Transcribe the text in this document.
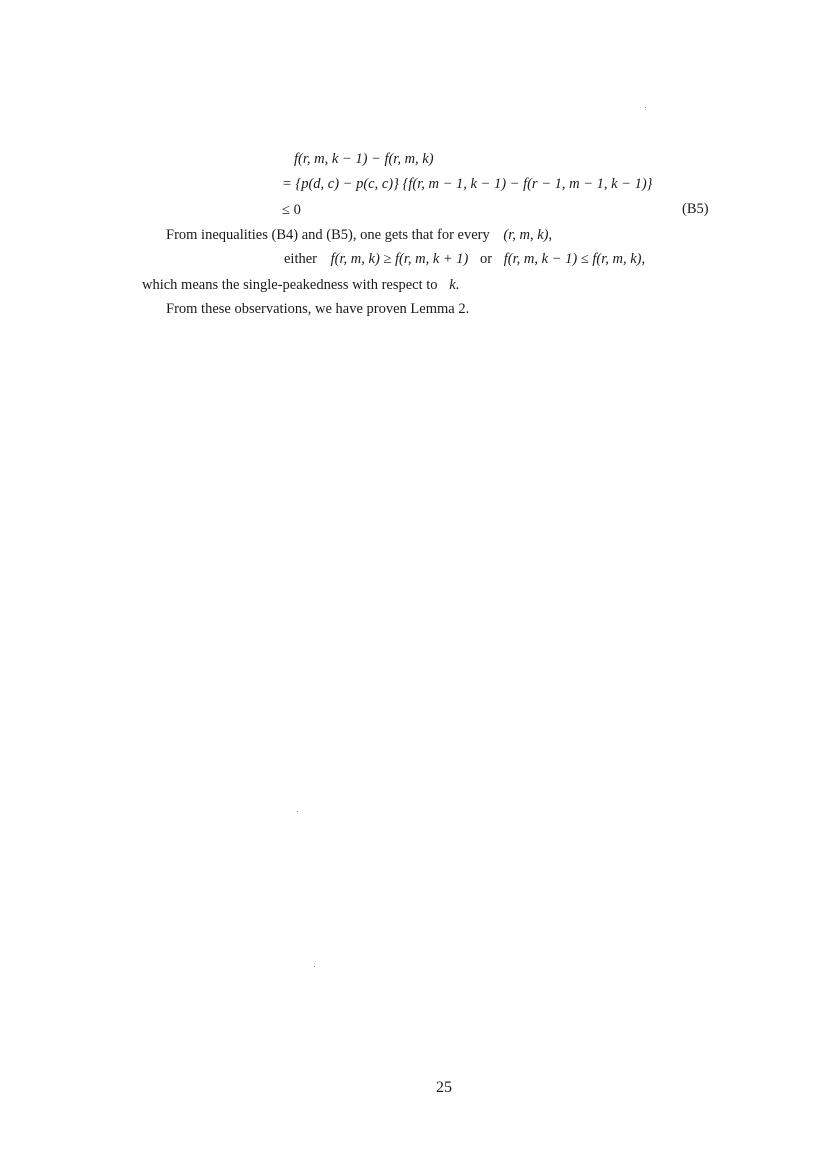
f(r, m, k − 1) − f(r, m, k)
= {p(d, c) − p(c, c)} {f(r, m − 1, k − 1) − f(r − 1, m − 1, k − 1)}
≤ 0	(B5)
From inequalities (B4) and (B5), one gets that for every (r, m, k),
either f(r, m, k) ≥ f(r, m, k + 1) or f(r, m, k − 1) ≤ f(r, m, k),
which means the single-peakedness with respect to k.
From these observations, we have proven Lemma 2.
25
